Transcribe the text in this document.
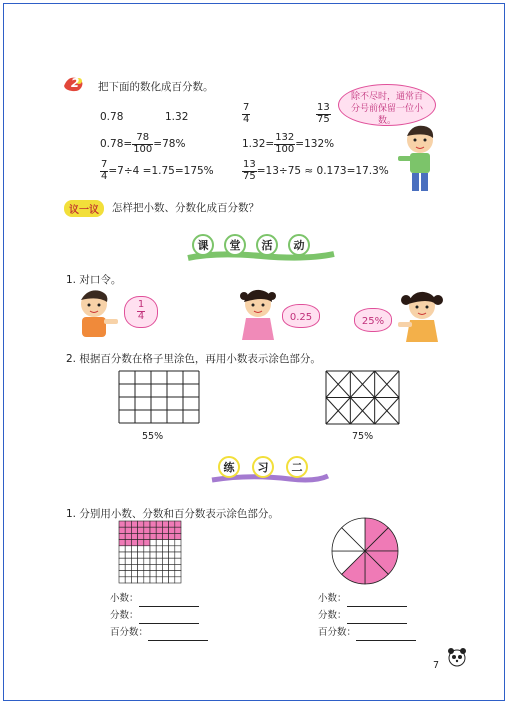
2 把下面的数化成百分数。
0.78	1.32	$\frac{7}{4}$	$\frac{13}{75}$
$0.78= \frac{78}{100} =78\%$	$1.32= \frac{132}{100} =132\%$
$\frac{7}{4} =7\div 4 =1.75=175\%$	$\frac{13}{75} =13\div 75 \approx 0.173=17.3\%$
除不尽时，通常百分号前保留一位小数。
议一议	怎样把小数、分数化成百分数？
课	堂	活	动
1. 对口令。
$\frac{1}{4}$	0.25	25%
2. 根据百分数在格子里涂色，再用小数表示涂色部分。
55%	75%
练	习	二
1. 分别用小数、分数和百分数表示涂色部分。
小数：
分数：
百分数：
小数：
分数：
百分数：
7
